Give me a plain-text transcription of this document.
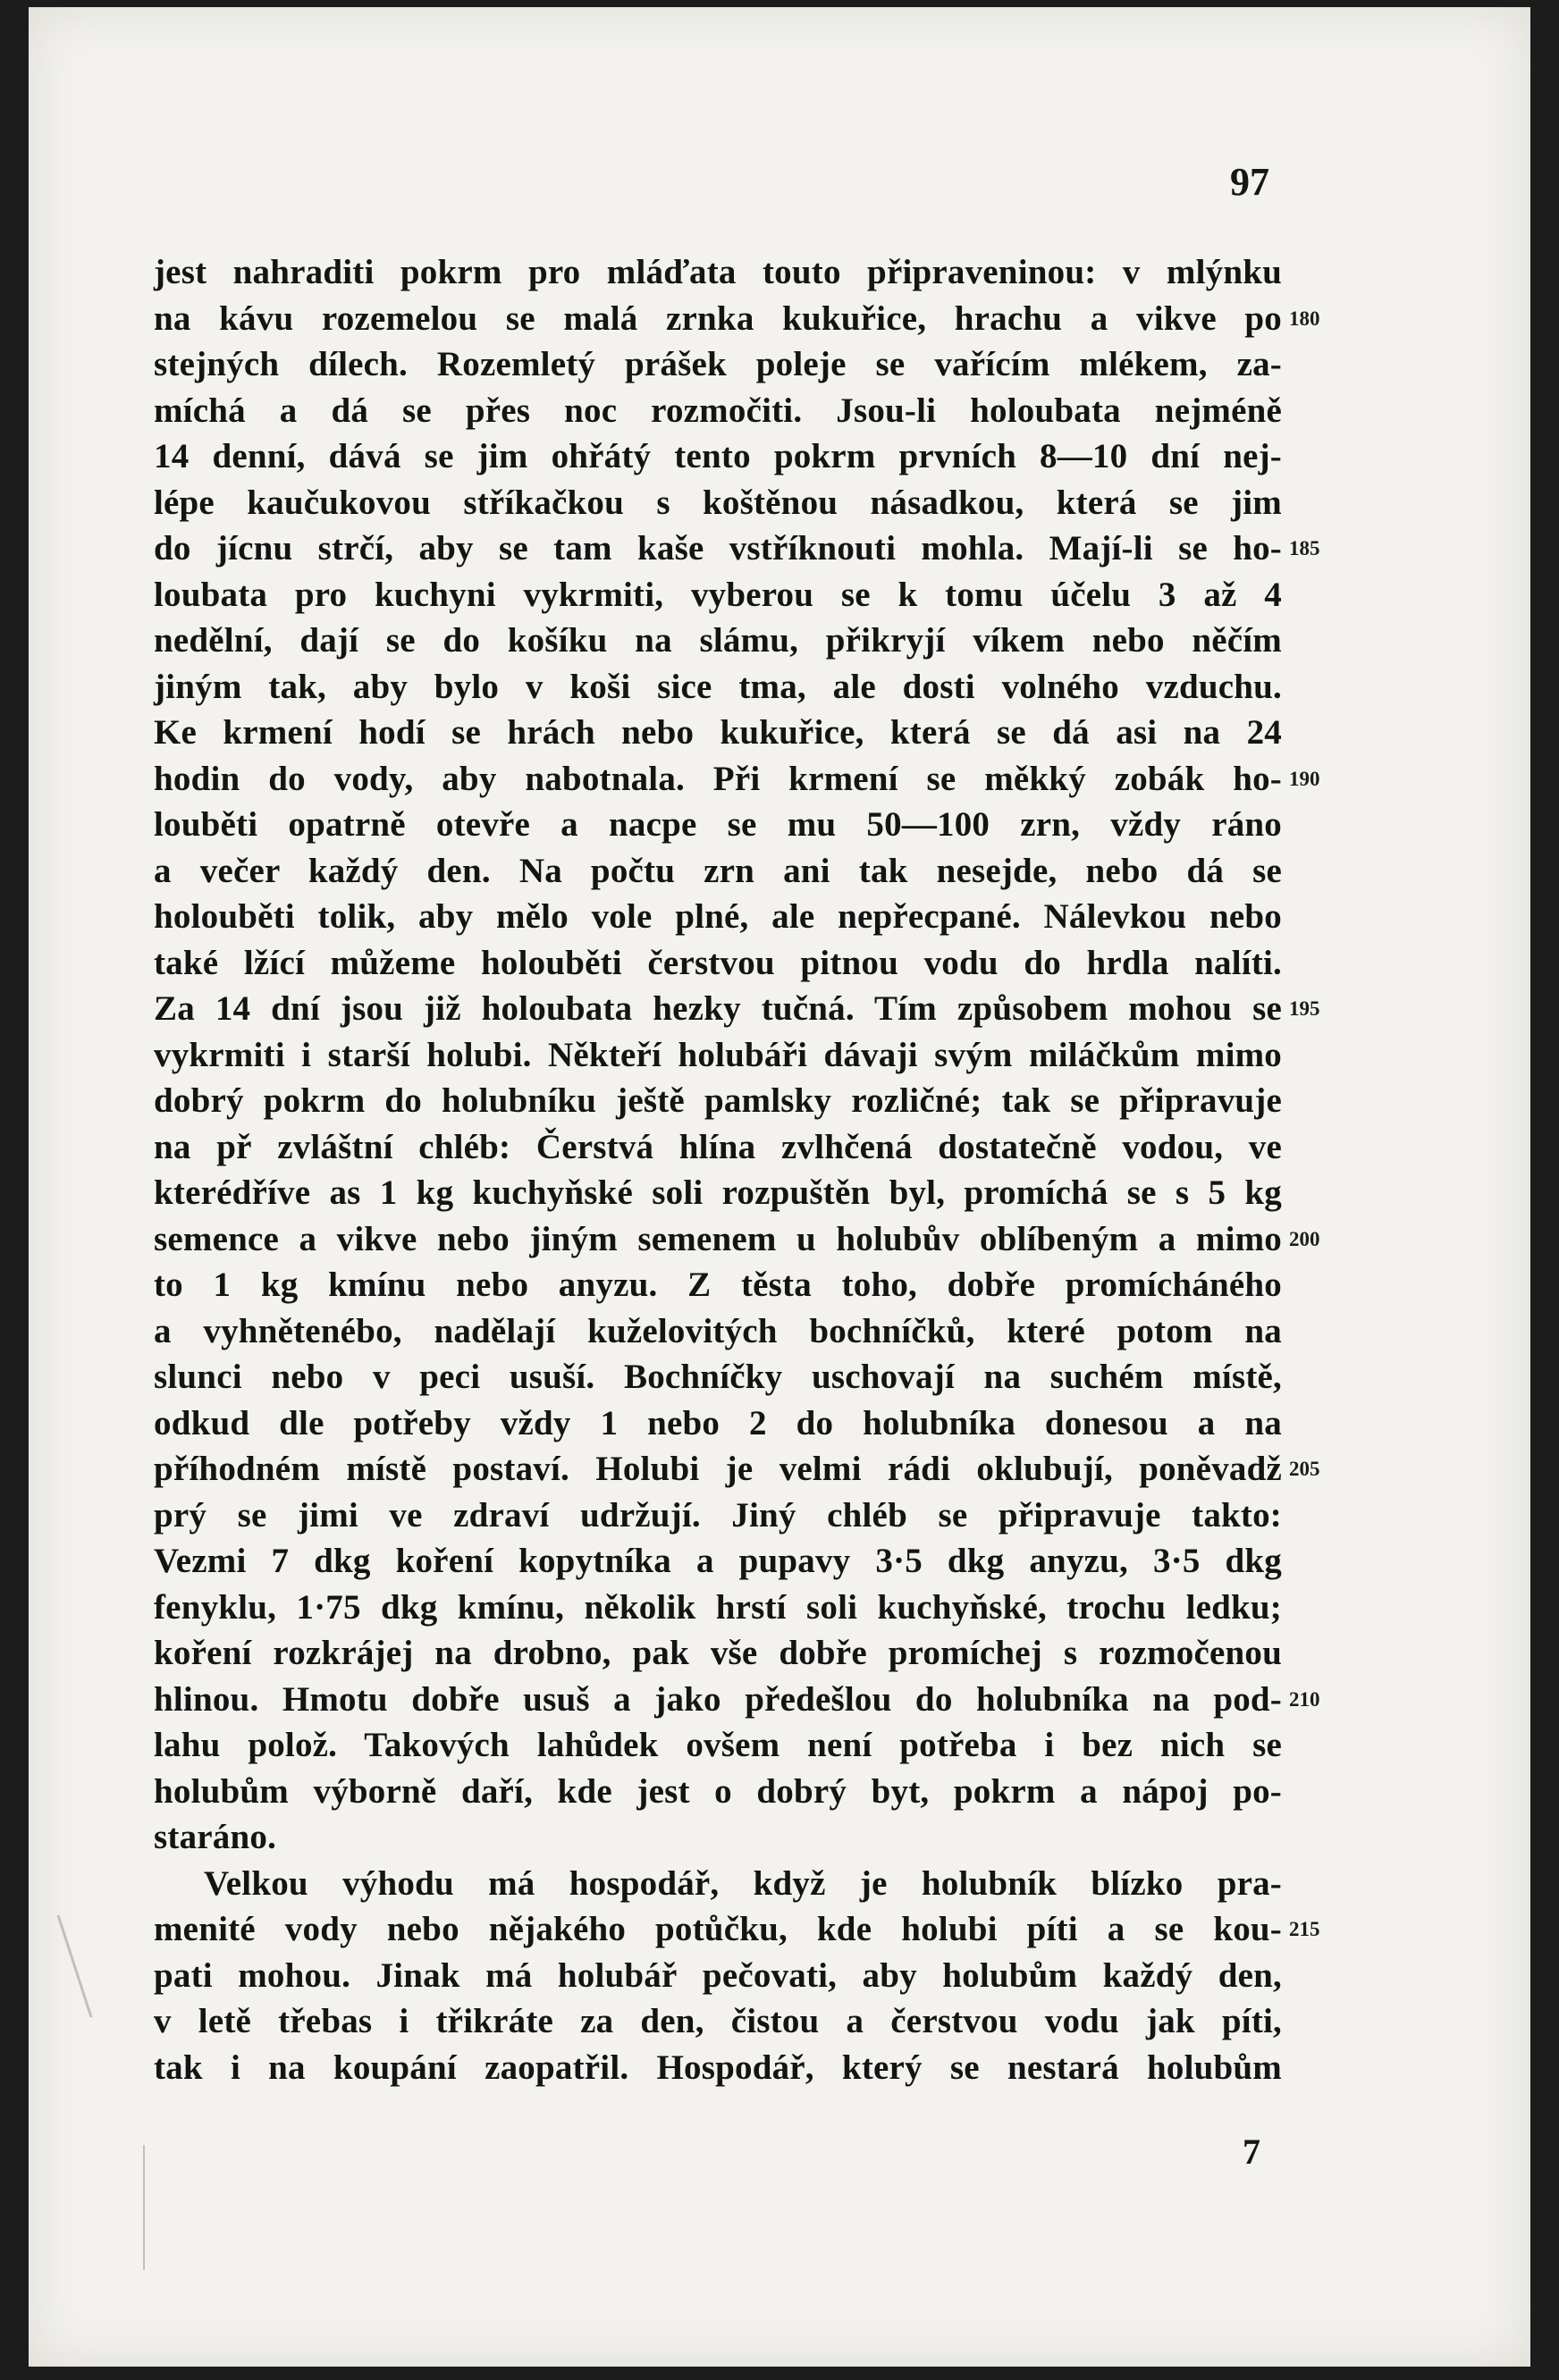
97
jest nahraditi pokrm pro mláďata touto připraveninou: v mlýnku
na kávu rozemelou se malá zrnka kukuřice, hrachu a vikve po 180
stejných dílech. Rozemletý prášek poleje se vařícím mlékem, za-
míchá a dá se přes noc rozmočiti. Jsou-li holoubata nejméně
14 denní, dává se jim ohřátý tento pokrm prvních 8—10 dní nej-
lépe kaučukovou stříkačkou s koštěnou násadkou, která se jim
do jícnu strčí, aby se tam kaše vstříknouti mohla. Mají-li se ho- 185
loubata pro kuchyni vykrmiti, vyberou se k tomu účelu 3 až 4
nedělní, dají se do košíku na slámu, přikryjí víkem nebo něčím
jiným tak, aby bylo v koši sice tma, ale dosti volného vzduchu.
Ke krmení hodí se hrách nebo kukuřice, která se dá asi na 24
hodin do vody, aby nabotnala. Při krmení se měkký zobák ho- 190
louběti opatrně otevře a nacpe se mu 50—100 zrn, vždy ráno
a večer každý den. Na počtu zrn ani tak nesejde, nebo dá se
holouběti tolik, aby mělo vole plné, ale nepřecpané. Nálevkou nebo
také lžící můžeme holouběti čerstvou pitnou vodu do hrdla nalíti.
Za 14 dní jsou již holoubata hezky tučná. Tím způsobem mohou se 195
vykrmiti i starší holubi. Někteří holubáři dávaji svým miláčkům mimo
dobrý pokrm do holubníku ještě pamlsky rozličné; tak se připravuje
na př zvláštní chléb: Čerstvá hlína zvlhčená dostatečně vodou, ve
kterédříve as 1 kg kuchyňské soli rozpuštěn byl, promíchá se s 5 kg
semence a vikve nebo jiným semenem u holubův oblíbeným a mimo 200
to 1 kg kmínu nebo anyzu. Z těsta toho, dobře promícháného
a vyhnětenébo, nadělají kuželovitých bochníčků, které potom na
slunci nebo v peci usuší. Bochníčky uschovají na suchém místě,
odkud dle potřeby vždy 1 nebo 2 do holubníka donesou a na
příhodném místě postaví. Holubi je velmi rádi oklubují, poněvadž 205
prý se jimi ve zdraví udržují. Jiný chléb se připravuje takto:
Vezmi 7 dkg koření kopytníka a pupavy 3·5 dkg anyzu, 3·5 dkg
fenyklu, 1·75 dkg kmínu, několik hrstí soli kuchyňské, trochu ledku;
koření rozkrájej na drobno, pak vše dobře promíchej s rozmočenou
hlinou. Hmotu dobře usuš a jako předešlou do holubníka na pod- 210
lahu polož. Takových lahůdek ovšem není potřeba i bez nich se
holubům výborně daří, kde jest o dobrý byt, pokrm a nápoj po-
staráno.
Velkou výhodu má hospodář, když je holubník blízko pra-
menité vody nebo nějakého potůčku, kde holubi píti a se kou- 215
pati mohou. Jinak má holubář pečovati, aby holubům každý den,
v letě třebas i třikráte za den, čistou a čerstvou vodu jak píti,
tak i na koupání zaopatřil. Hospodář, který se nestará holubům
7
